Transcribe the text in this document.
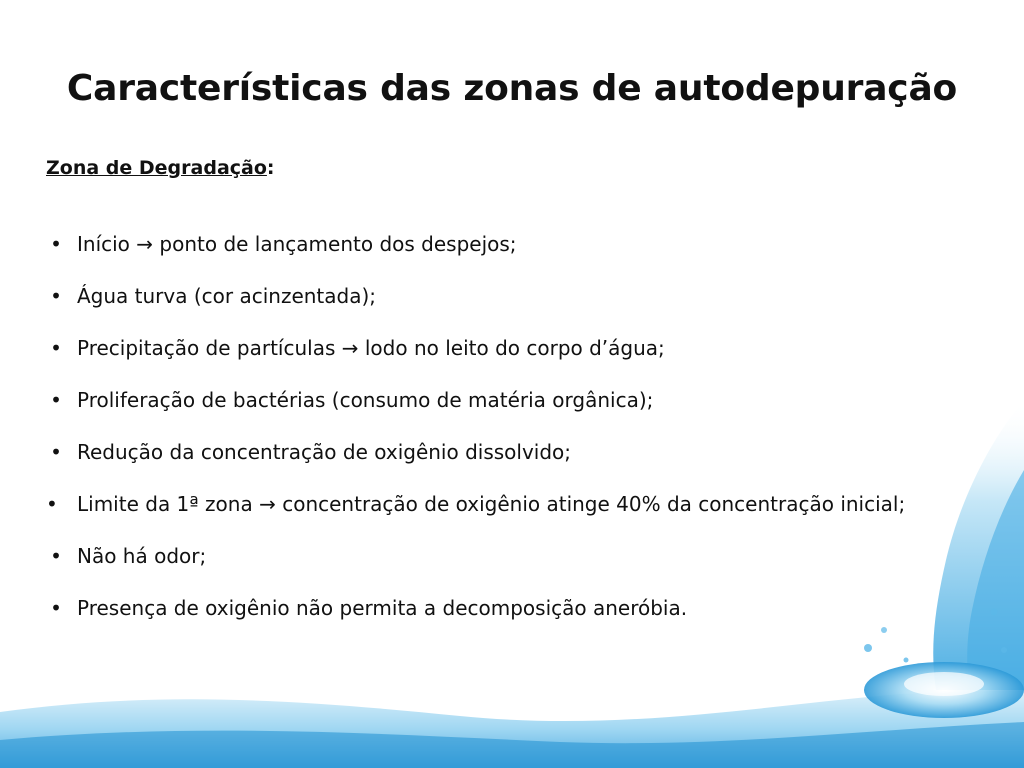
Características das zonas de autodepuração
Zona de Degradação:
• Início → ponto de lançamento dos despejos;
• Água turva (cor acinzentada);
• Precipitação de partículas → lodo no leito do corpo d’água;
• Proliferação de bactérias (consumo de matéria orgânica);
• Redução da concentração de oxigênio dissolvido;
• Limite da 1ª zona → concentração de oxigênio atinge 40% da concentração inicial;
• Não há odor;
• Presença de oxigênio não permita a decomposição aneróbia.
